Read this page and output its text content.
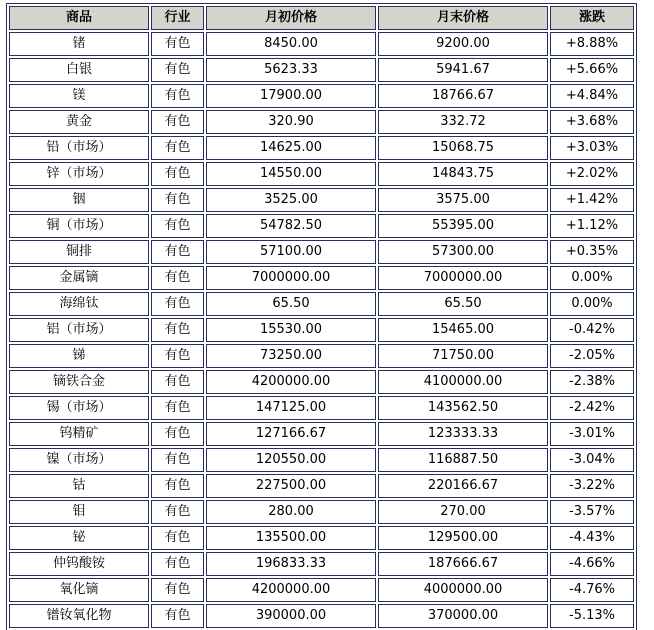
商品	行业	月初价格	月末价格	涨跌
锗	有色	8450.00	9200.00	+8.88%
白银	有色	5623.33	5941.67	+5.66%
镁	有色	17900.00	18766.67	+4.84%
黄金	有色	320.90	332.72	+3.68%
铅（市场）	有色	14625.00	15068.75	+3.03%
锌（市场）	有色	14550.00	14843.75	+2.02%
铟	有色	3525.00	3575.00	+1.42%
铜（市场）	有色	54782.50	55395.00	+1.12%
铜排	有色	57100.00	57300.00	+0.35%
金属镝	有色	7000000.00	7000000.00	0.00%
海绵钛	有色	65.50	65.50	0.00%
铝（市场）	有色	15530.00	15465.00	-0.42%
锑	有色	73250.00	71750.00	-2.05%
镝铁合金	有色	4200000.00	4100000.00	-2.38%
锡（市场）	有色	147125.00	143562.50	-2.42%
钨精矿	有色	127166.67	123333.33	-3.01%
镍（市场）	有色	120550.00	116887.50	-3.04%
钴	有色	227500.00	220166.67	-3.22%
钼	有色	280.00	270.00	-3.57%
铋	有色	135500.00	129500.00	-4.43%
仲钨酸铵	有色	196833.33	187666.67	-4.66%
氧化镝	有色	4200000.00	4000000.00	-4.76%
镨钕氧化物	有色	390000.00	370000.00	-5.13%
